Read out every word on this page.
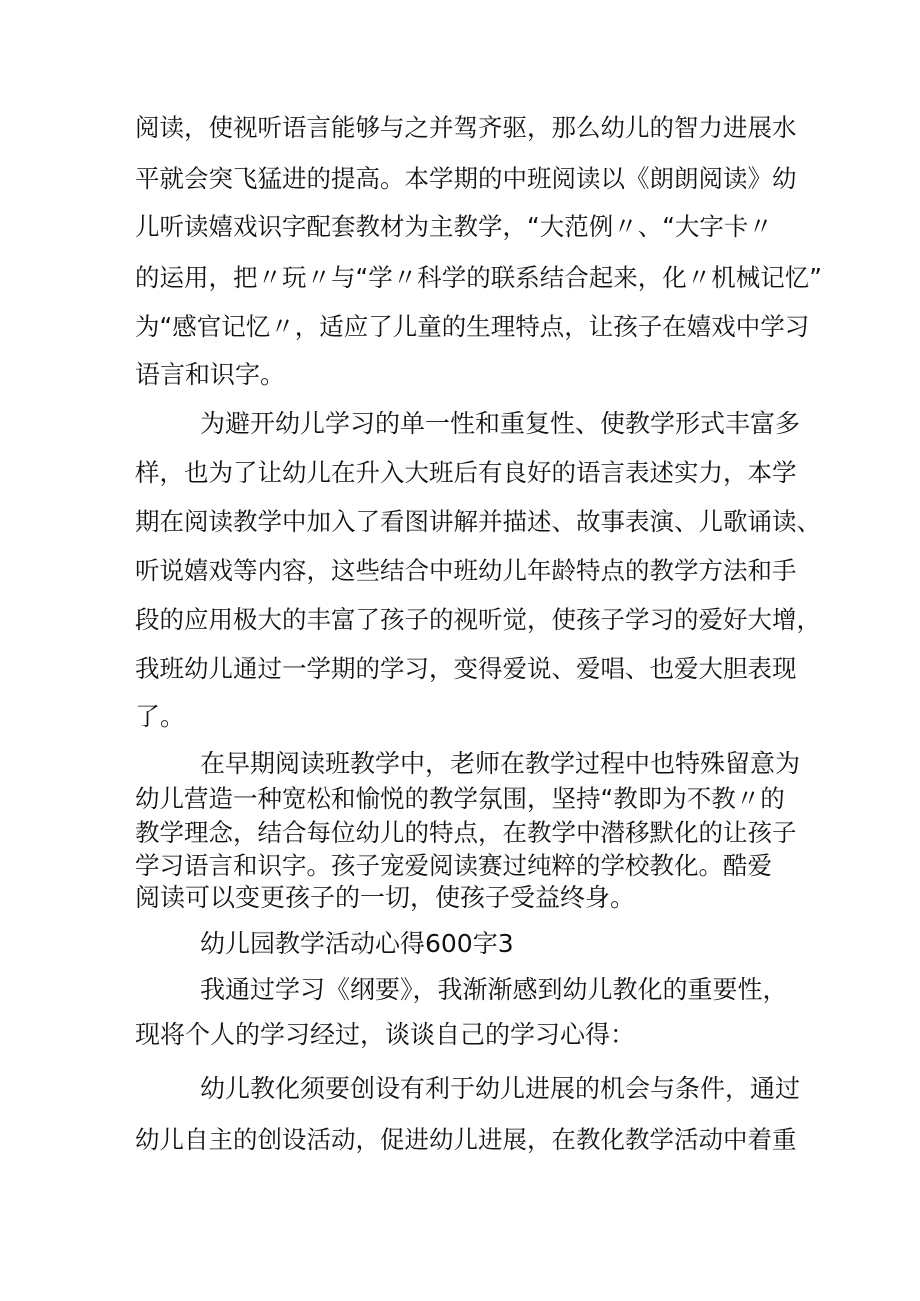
阅读，使视听语言能够与之并驾齐驱，那么幼儿的智力进展水
平就会突飞猛进的提高。本学期的中班阅读以《朗朗阅读》幼
儿听读嬉戏识字配套教材为主教学，“大范例〃、“大字卡〃
的运用，把〃玩〃与“学〃科学的联系结合起来，化〃机械记忆”
为“感官记忆〃，适应了儿童的生理特点，让孩子在嬉戏中学习
语言和识字。
为避开幼儿学习的单一性和重复性、使教学形式丰富多
样，也为了让幼儿在升入大班后有良好的语言表述实力，本学
期在阅读教学中加入了看图讲解并描述、故事表演、儿歌诵读、
听说嬉戏等内容，这些结合中班幼儿年龄特点的教学方法和手
段的应用极大的丰富了孩子的视听觉，使孩子学习的爱好大增，
我班幼儿通过一学期的学习，变得爱说、爱唱、也爱大胆表现
了。
在早期阅读班教学中，老师在教学过程中也特殊留意为
幼儿营造一种宽松和愉悦的教学氛围，坚持“教即为不教〃的
教学理念，结合每位幼儿的特点，在教学中潜移默化的让孩子
学习语言和识字。孩子宠爱阅读赛过纯粹的学校教化。酷爱
阅读可以变更孩子的一切，使孩子受益终身。
幼儿园教学活动心得600字3
我通过学习《纲要》，我渐渐感到幼儿教化的重要性，
现将个人的学习经过，谈谈自己的学习心得：
幼儿教化须要创设有利于幼儿进展的机会与条件，通过
幼儿自主的创设活动，促进幼儿进展，在教化教学活动中着重
